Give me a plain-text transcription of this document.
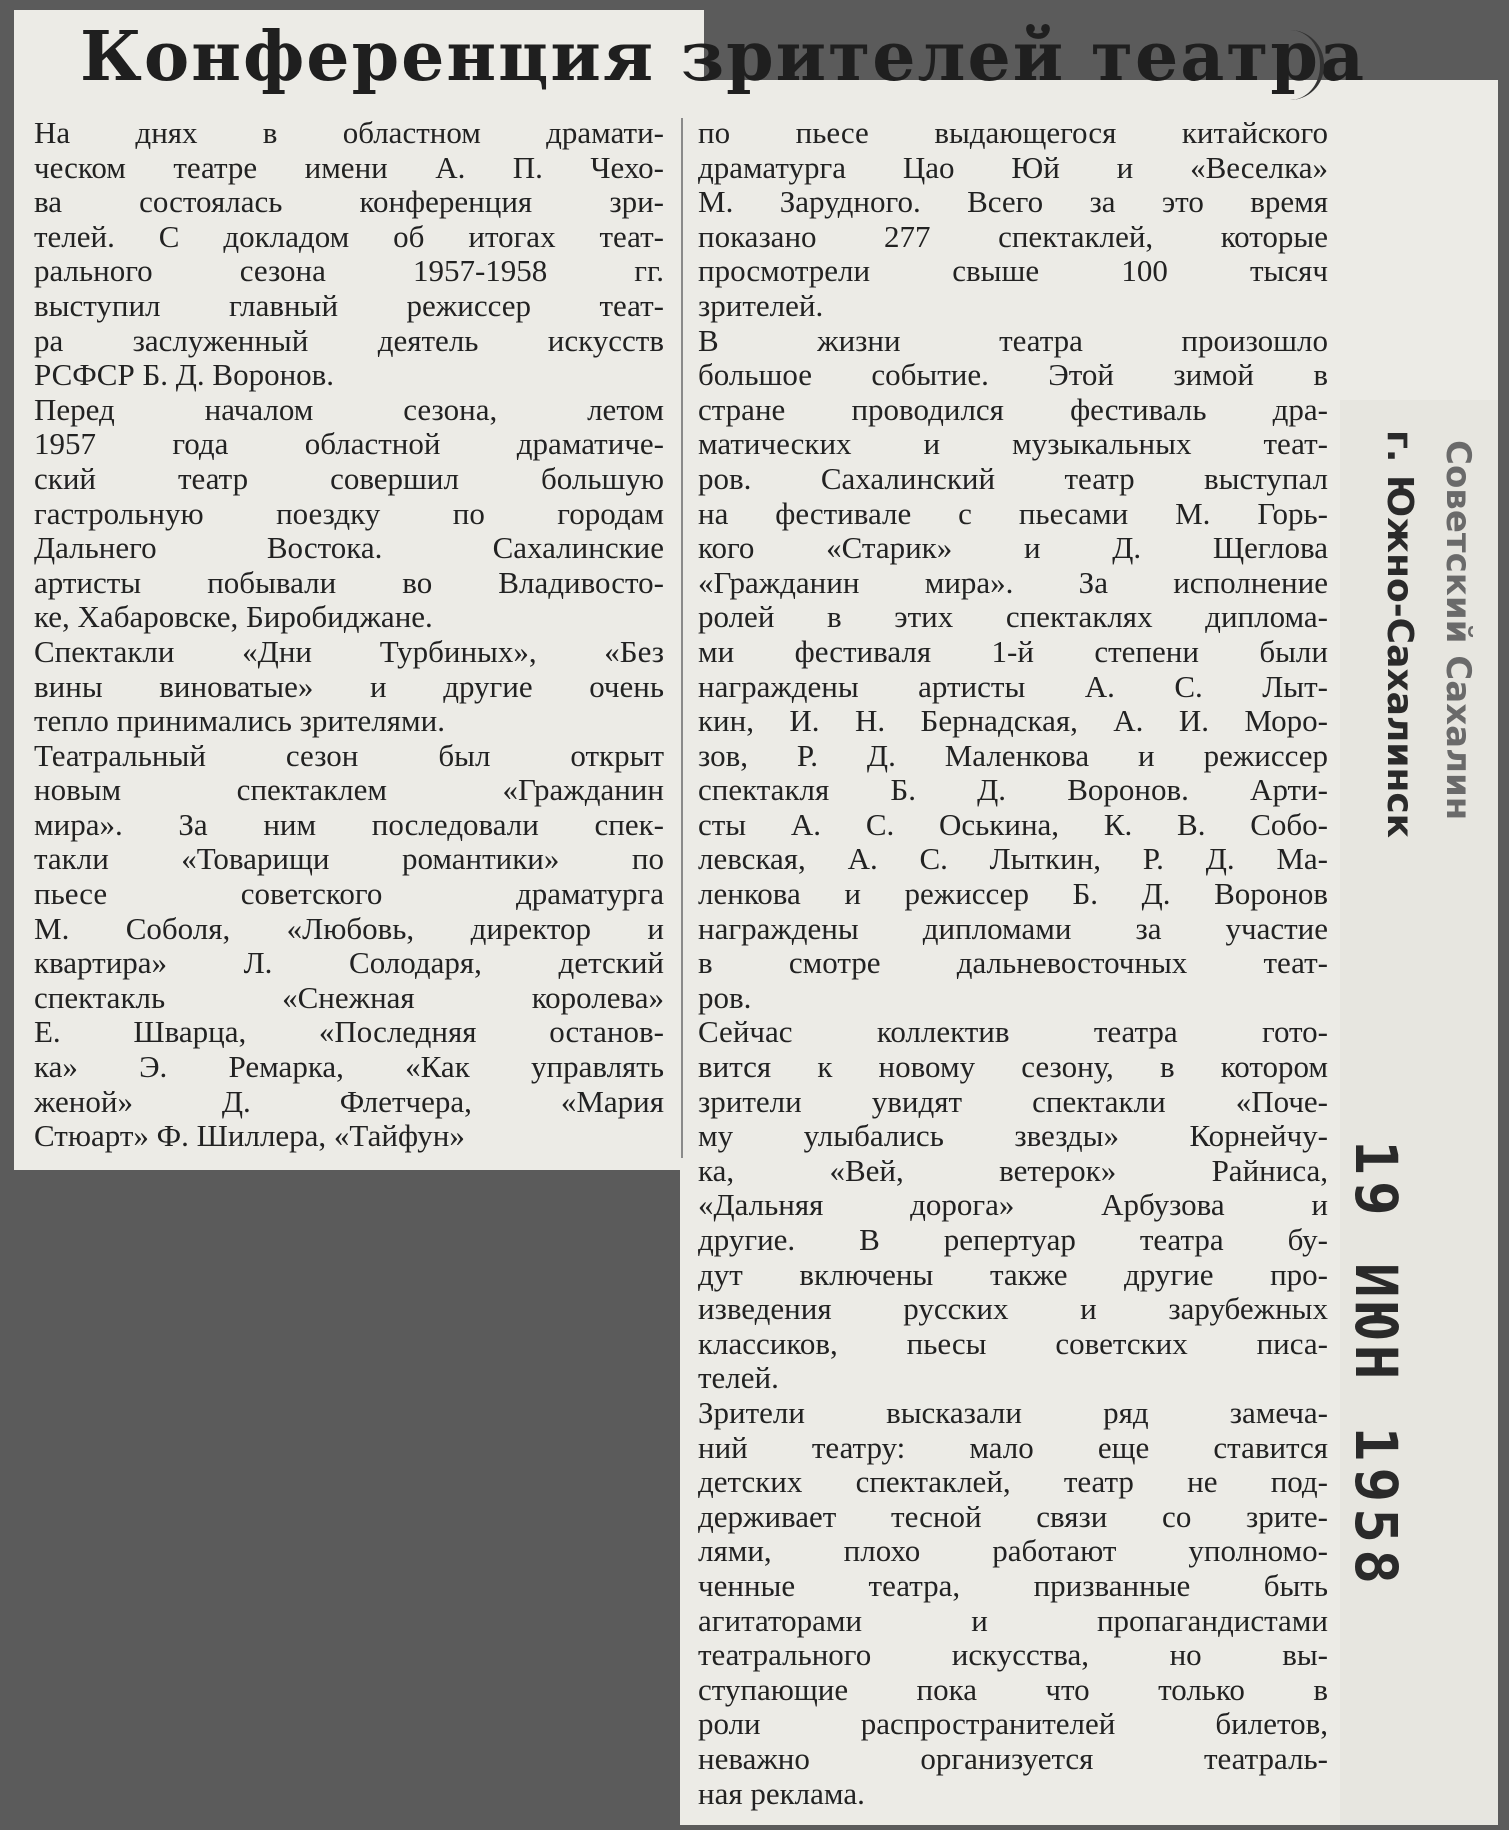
Конференция зрителей театра
На днях в областном драмати-
ческом театре имени А. П. Чехо-
ва состоялась конференция зри-
телей. С докладом об итогах теат-
рального сезона 1957-1958 гг.
выступил главный режиссер теат-
ра заслуженный деятель искусств
РСФСР Б. Д. Воронов.
Перед началом сезона, летом
1957 года областной драматиче-
ский театр совершил большую
гастрольную поездку по городам
Дальнего Востока. Сахалинские
артисты побывали во Владивосто-
ке, Хабаровске, Биробиджане.
Спектакли «Дни Турбиных», «Без
вины виноватые» и другие очень
тепло принимались зрителями.
Театральный сезон был открыт
новым спектаклем «Гражданин
мира». За ним последовали спек-
такли «Товарищи романтики» по
пьесе советского драматурга
М. Соболя, «Любовь, директор и
квартира» Л. Солодаря, детский
спектакль «Снежная королева»
Е. Шварца, «Последняя останов-
ка» Э. Ремарка, «Как управлять
женой» Д. Флетчера, «Мария
Стюарт» Ф. Шиллера, «Тайфун»
по пьесе выдающегося китайского
драматурга Цао Юй и «Веселка»
М. Зарудного. Всего за это время
показано 277 спектаклей, которые
просмотрели свыше 100 тысяч
зрителей.
В жизни театра произошло
большое событие. Этой зимой в
стране проводился фестиваль дра-
матических и музыкальных теат-
ров. Сахалинский театр выступал
на фестивале с пьесами М. Горь-
кого «Старик» и Д. Щеглова
«Гражданин мира». За исполнение
ролей в этих спектаклях диплома-
ми фестиваля 1-й степени были
награждены артисты А. С. Лыт-
кин, И. Н. Бернадская, А. И. Моро-
зов, Р. Д. Маленкова и режиссер
спектакля Б. Д. Воронов. Арти-
сты А. С. Оськина, К. В. Собо-
левская, А. С. Лыткин, Р. Д. Ма-
ленкова и режиссер Б. Д. Воронов
награждены дипломами за участие
в смотре дальневосточных теат-
ров.
Сейчас коллектив театра гото-
вится к новому сезону, в котором
зрители увидят спектакли «Поче-
му улыбались звезды» Корнейчу-
ка, «Вей, ветерок» Райниса,
«Дальняя дорога» Арбузова и
другие. В репертуар театра бу-
дут включены также другие про-
изведения русских и зарубежных
классиков, пьесы советских писа-
телей.
Зрители высказали ряд замеча-
ний театру: мало еще ставится
детских спектаклей, театр не под-
держивает тесной связи со зрите-
лями, плохо работают уполномо-
ченные театра, призванные быть
агитаторами и пропагандистами
театрального искусства, но вы-
ступающие пока что только в
роли распространителей билетов,
неважно организуется театраль-
ная реклама.
Советский Сахалин
г. Южно-Сахалинск
19 ИЮН 1958
